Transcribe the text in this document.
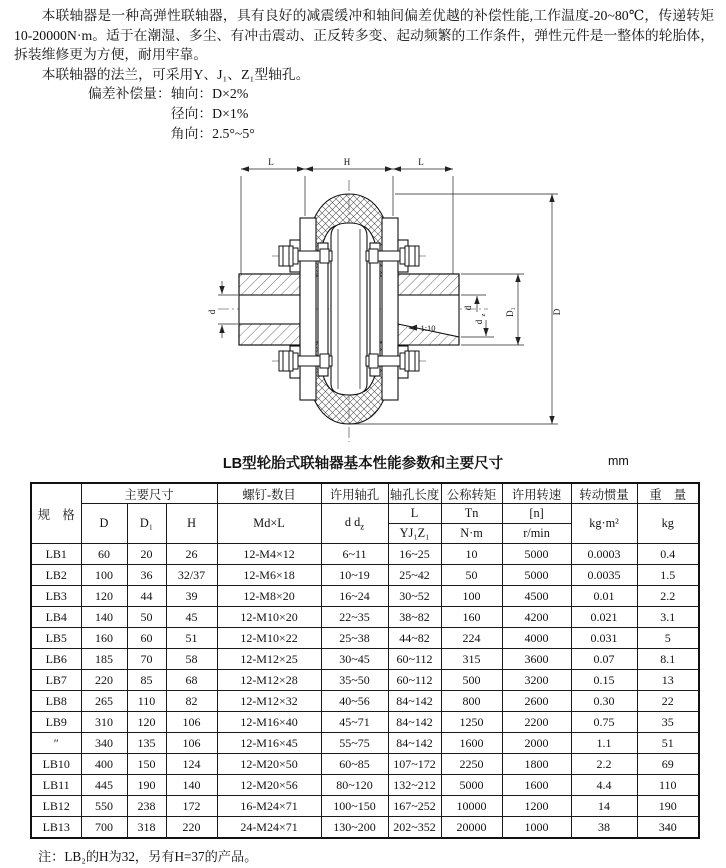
本联轴器是一种高弹性联轴器，具有良好的减震缓冲和轴间偏差优越的补偿性能,工作温度-20~80℃，传递转矩10-20000N·m。适于在潮湿、多尘、有冲击震动、正反转多变、起动频繁的工作条件，弹性元件是一整体的轮胎体，拆装维修更为方便，耐用牢靠。

本联轴器的法兰，可采用Y、J₁、Z₁型轴孔。

偏差补偿量： 轴向：D×2%
径向：D×1%
角向：2.5°~5°
L	H	L
D
D₁
d
d
d
z
1:10
LB型轮胎式联轴器基本性能参数和主要尺寸	mm
规　格	主要尺寸			螺钉-数目	许用轴孔	轴孔长度	公称转矩	许用转速	转动惯量	重　量
	D	D₁	H	Md×L	d $d_z$	L	Tn	[n]	kg·m²	kg
						YJ₁Z₁	N·m	r/min		
LB1	60	20	26	12-M4×12	6~11	16~25	10	5000	0.0003	0.4
LB2	100	36	32/37	12-M6×18	10~19	25~42	50	5000	0.0035	1.5
LB3	120	44	39	12-M8×20	16~24	30~52	100	4500	0.01	2.2
LB4	140	50	45	12-M10×20	22~35	38~82	160	4200	0.021	3.1
LB5	160	60	51	12-M10×22	25~38	44~82	224	4000	0.031	5
LB6	185	70	58	12-M12×25	30~45	60~112	315	3600	0.07	8.1
LB7	220	85	68	12-M12×28	35~50	60~112	500	3200	0.15	13
LB8	265	110	82	12-M12×32	40~56	84~142	800	2600	0.30	22
LB9	310	120	106	12-M16×40	45~71	84~142	1250	2200	0.75	35
″	340	135	106	12-M16×45	55~75	84~142	1600	2000	1.1	51
LB10	400	150	124	12-M20×50	60~85	107~172	2250	1800	2.2	69
LB11	445	190	140	12-M20×56	80~120	132~212	5000	1600	4.4	110
LB12	550	238	172	16-M24×71	100~150	167~252	10000	1200	14	190
LB13	700	318	220	24-M24×71	130~200	202~352	20000	1000	38	340
注：LB₂的H为32，另有H=37的产品。
